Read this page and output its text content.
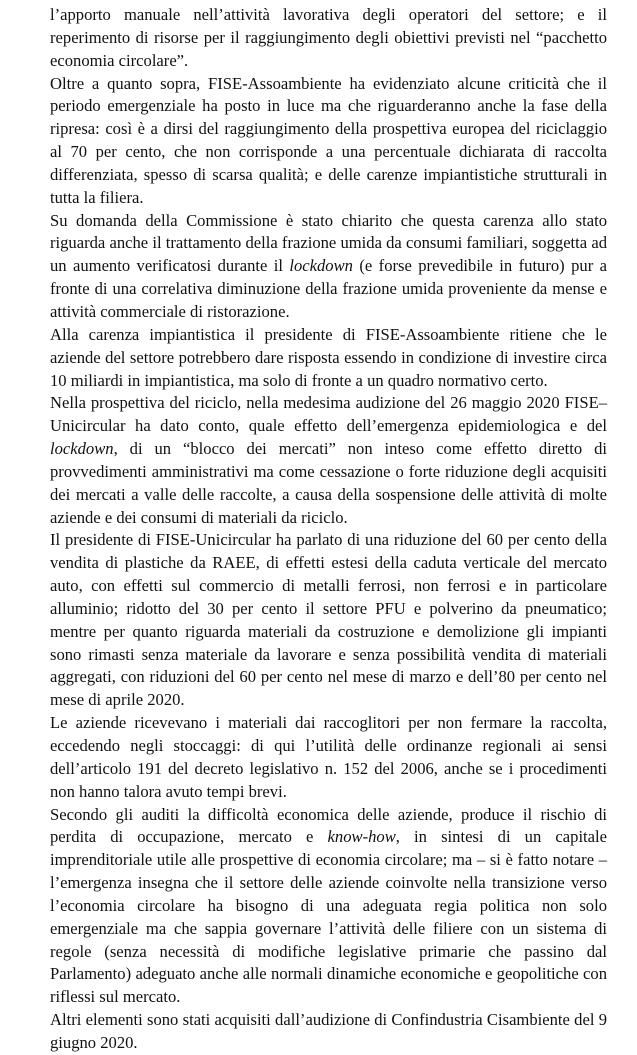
l’apporto manuale nell’attività lavorativa degli operatori del settore; e il reperimento di risorse per il raggiungimento degli obiettivi previsti nel “pacchetto economia circolare”.

Oltre a quanto sopra, FISE-Assoambiente ha evidenziato alcune criticità che il periodo emergenziale ha posto in luce ma che riguarderanno anche la fase della ripresa: così è a dirsi del raggiungimento della prospettiva europea del riciclaggio al 70 per cento, che non corrisponde a una percentuale dichiarata di raccolta differenziata, spesso di scarsa qualità; e delle carenze impiantistiche strutturali in tutta la filiera.

Su domanda della Commissione è stato chiarito che questa carenza allo stato riguarda anche il trattamento della frazione umida da consumi familiari, soggetta ad un aumento verificatosi durante il lockdown (e forse prevedibile in futuro) pur a fronte di una correlativa diminuzione della frazione umida proveniente da mense e attività commerciale di ristorazione.

Alla carenza impiantistica il presidente di FISE-Assoambiente ritiene che le aziende del settore potrebbero dare risposta essendo in condizione di investire circa 10 miliardi in impiantistica, ma solo di fronte a un quadro normativo certo.

Nella prospettiva del riciclo, nella medesima audizione del 26 maggio 2020 FISE–Unicircular ha dato conto, quale effetto dell’emergenza epidemiologica e del lockdown, di un “blocco dei mercati” non inteso come effetto diretto di provvedimenti amministrativi ma come cessazione o forte riduzione degli acquisiti dei mercati a valle delle raccolte, a causa della sospensione delle attività di molte aziende e dei consumi di materiali da riciclo.

Il presidente di FISE-Unicircular ha parlato di una riduzione del 60 per cento della vendita di plastiche da RAEE, di effetti estesi della caduta verticale del mercato auto, con effetti sul commercio di metalli ferrosi, non ferrosi e in particolare alluminio; ridotto del 30 per cento il settore PFU e polverino da pneumatico; mentre per quanto riguarda materiali da costruzione e demolizione gli impianti sono rimasti senza materiale da lavorare e senza possibilità vendita di materiali aggregati, con riduzioni del 60 per cento nel mese di marzo e dell’80 per cento nel mese di aprile 2020.

Le aziende ricevevano i materiali dai raccoglitori per non fermare la raccolta, eccedendo negli stoccaggi: di qui l’utilità delle ordinanze regionali ai sensi dell’articolo 191 del decreto legislativo n. 152 del 2006, anche se i procedimenti non hanno talora avuto tempi brevi.

Secondo gli auditi la difficoltà economica delle aziende, produce il rischio di perdita di occupazione, mercato e know-how, in sintesi di un capitale imprenditoriale utile alle prospettive di economia circolare; ma – si è fatto notare – l’emergenza insegna che il settore delle aziende coinvolte nella transizione verso l’economia circolare ha bisogno di una adeguata regia politica non solo emergenziale ma che sappia governare l’attività delle filiere con un sistema di regole (senza necessità di modifiche legislative primarie che passino dal Parlamento) adeguato anche alle normali dinamiche economiche e geopolitiche con riflessi sul mercato.

Altri elementi sono stati acquisiti dall’audizione di Confindustria Cisambiente del 9 giugno 2020.
